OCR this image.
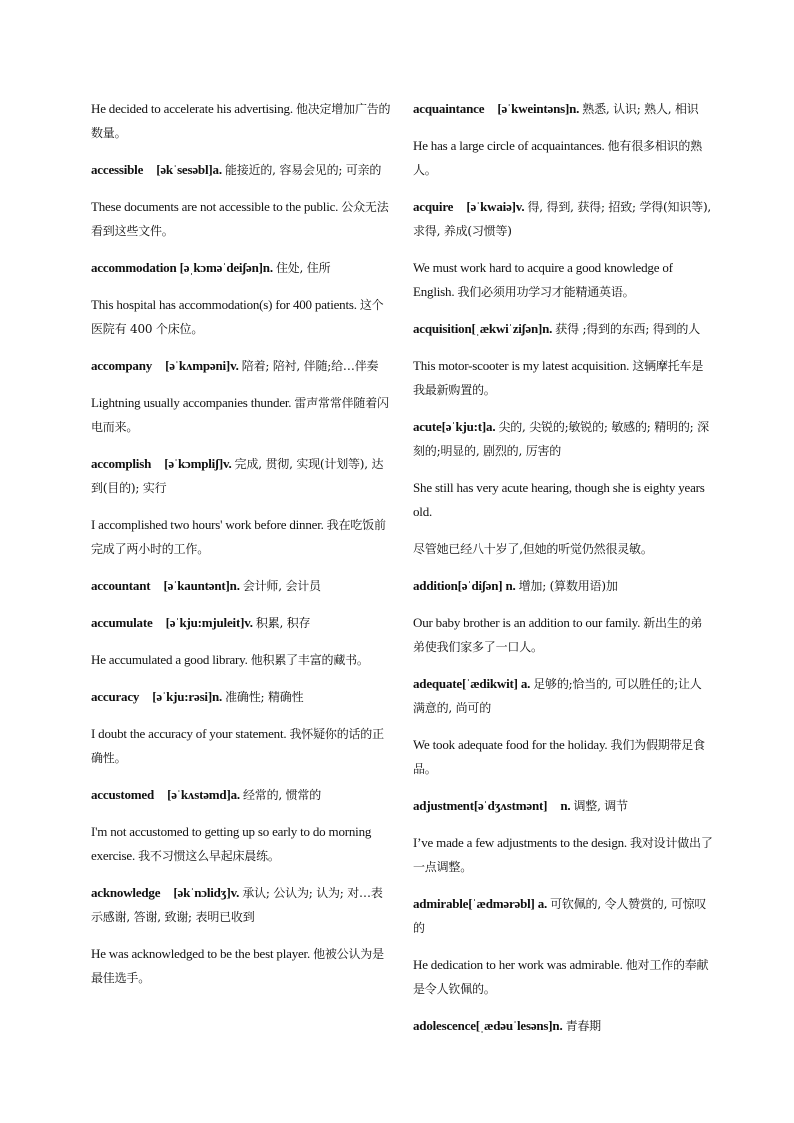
He decided to accelerate his advertising. 他决定增加广告的数量。

accessible [əkˈsesəbl]a. 能接近的, 容易会见的; 可亲的

These documents are not accessible to the public. 公众无法看到这些文件。

accommodation [əˌkɔməˈdeiʃən]n. 住处, 住所

This hospital has accommodation(s) for 400 patients. 这个医院有 400 个床位。

accompany [əˈkʌmpəni]v. 陪着; 陪衬, 伴随;给…伴奏

Lightning usually accompanies thunder. 雷声常常伴随着闪电而来。

accomplish [əˈkɔmpliʃ]v. 完成, 贯彻, 实现(计划等), 达到(目的); 实行

I accomplished two hours' work before dinner. 我在吃饭前完成了两小时的工作。

accountant [əˈkauntənt]n. 会计师, 会计员

accumulate [əˈkju:mjuleit]v. 积累, 积存

He accumulated a good library. 他积累了丰富的藏书。

accuracy [əˈkju:rəsi]n. 准确性; 精确性

I doubt the accuracy of your statement. 我怀疑你的话的正确性。

accustomed [əˈkʌstəmd]a. 经常的, 惯常的

I'm not accustomed to getting up so early to do morning exercise. 我不习惯这么早起床晨练。

acknowledge [əkˈnɔlidʒ]v. 承认; 公认为; 认为; 对…表示感谢, 答谢, 致谢; 表明已收到

He was acknowledged to be the best player. 他被公认为是最佳选手。

acquaintance [əˈkweintəns]n. 熟悉, 认识; 熟人, 相识

He has a large circle of acquaintances. 他有很多相识的熟人。

acquire [əˈkwaiə]v. 得, 得到, 获得; 招致; 学得(知识等), 求得, 养成(习惯等)

We must work hard to acquire a good knowledge of English. 我们必须用功学习才能精通英语。

acquisition[ˌækwiˈziʃən]n. 获得 ;得到的东西; 得到的人

This motor-scooter is my latest acquisition. 这辆摩托车是我最新购置的。

acute[əˈkju:t]a. 尖的, 尖锐的;敏锐的; 敏感的; 精明的; 深刻的;明显的, 剧烈的, 厉害的

She still has very acute hearing, though she is eighty years old.

尽管她已经八十岁了,但她的听觉仍然很灵敏。

addition[əˈdiʃən] n. 增加; (算数用语)加

Our baby brother is an addition to our family. 新出生的弟弟使我们家多了一口人。

adequate[ˈædikwit] a. 足够的;恰当的, 可以胜任的;让人满意的, 尚可的

We took adequate food for the holiday. 我们为假期带足食品。

adjustment[əˈdʒʌstmənt] n. 调整, 调节

I’ve made a few adjustments to the design. 我对设计做出了一点调整。

admirable[ˈædmərəbl] a. 可钦佩的, 令人赞赏的, 可惊叹的

He dedication to her work was admirable. 他对工作的奉献是令人钦佩的。

adolescence[ˌædəuˈlesəns]n. 青春期
